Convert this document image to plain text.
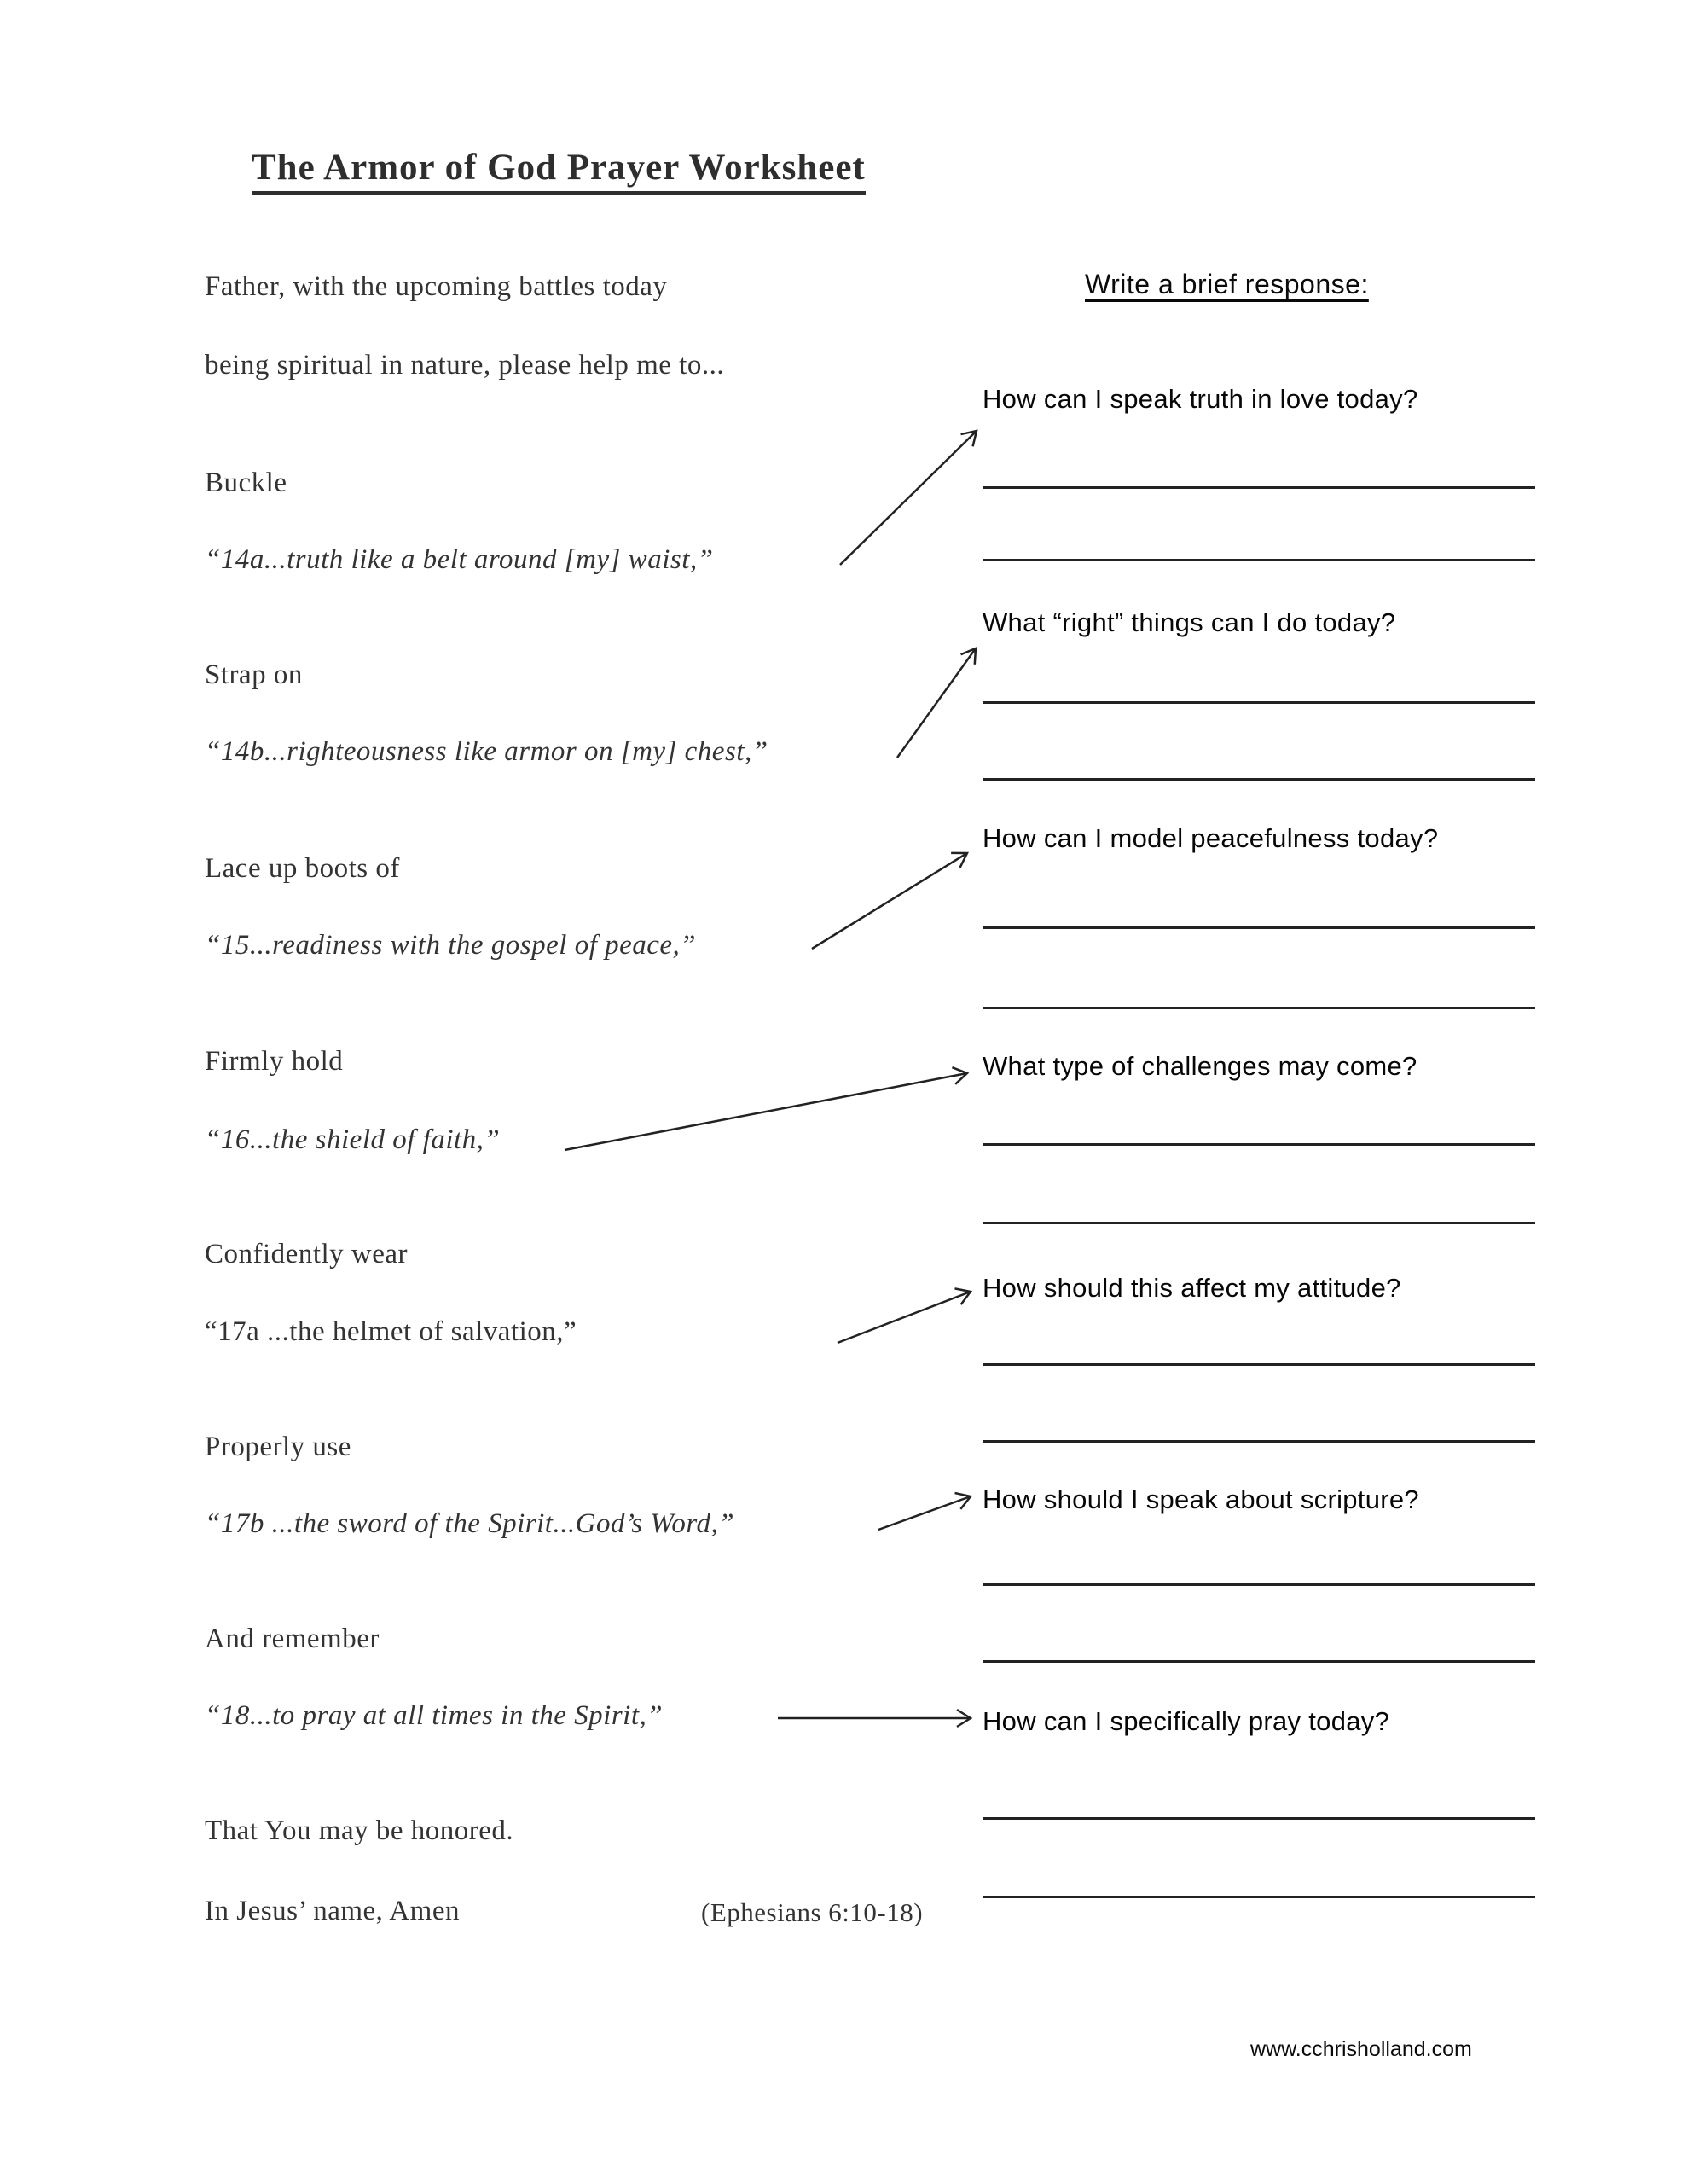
The Armor of God Prayer Worksheet
Father, with the upcoming battles today
being spiritual in nature, please help me to...
Write a brief response:
Buckle
“14a...truth like a belt around [my] waist,”
How can I speak truth in love today?
Strap on
“14b...righteousness like armor on [my] chest,”
What “right” things can I do today?
Lace up boots of
“15...readiness with the gospel of peace,”
How can I model peacefulness today?
Firmly hold
“16...the shield of faith,”
What type of challenges may come?
Confidently wear
“17a ...the helmet of salvation,”
How should this affect my attitude?
Properly use
“17b ...the sword of the Spirit...God’s Word,”
How should I speak about scripture?
And remember
“18...to pray at all times in the Spirit,”	How can I specifically pray today?
That You may be honored.
In Jesus’ name, Amen	(Ephesians 6:10-18)
www.cchrisholland.com
